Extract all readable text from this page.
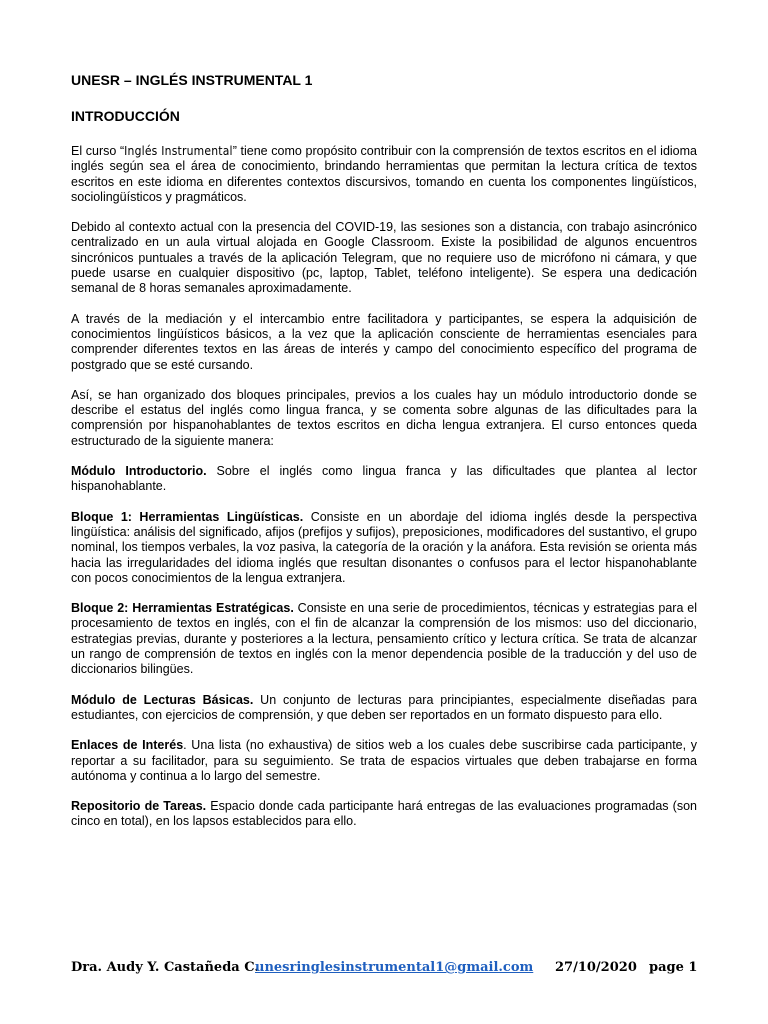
UNESR – INGLÉS INSTRUMENTAL 1
INTRODUCCIÓN

El curso “Inglés Instrumental” tiene como propósito contribuir con la comprensión de textos escritos en el idioma inglés según sea el área de conocimiento, brindando herramientas que permitan la lectura crítica de textos escritos en este idioma en diferentes contextos discursivos, tomando en cuenta los componentes lingüísticos, sociolingüísticos y pragmáticos.

Debido al contexto actual con la presencia del COVID-19, las sesiones son a distancia, con trabajo asincrónico centralizado en un aula virtual alojada en Google Classroom. Existe la posibilidad de algunos encuentros sincrónicos puntuales a través de la aplicación Telegram, que no requiere uso de micrófono ni cámara, y que puede usarse en cualquier dispositivo (pc, laptop, Tablet, teléfono inteligente). Se espera una dedicación semanal de 8 horas semanales aproximadamente.

A través de la mediación y el intercambio entre facilitadora y participantes, se espera la adquisición de conocimientos lingüísticos básicos, a la vez que la aplicación consciente de herramientas esenciales para comprender diferentes textos en las áreas de interés y campo del conocimiento específico del programa de postgrado que se esté cursando.

Así, se han organizado dos bloques principales, previos a los cuales hay un módulo introductorio donde se describe el estatus del inglés como lingua franca, y se comenta sobre algunas de las dificultades para la comprensión por hispanohablantes de textos escritos en dicha lengua extranjera. El curso entonces queda estructurado de la siguiente manera:

Módulo Introductorio. Sobre el inglés como lingua franca y las dificultades que plantea al lector hispanohablante.

Bloque 1: Herramientas Lingüísticas. Consiste en un abordaje del idioma inglés desde la perspectiva lingüística: análisis del significado, afijos (prefijos y sufijos), preposiciones, modificadores del sustantivo, el grupo nominal, los tiempos verbales, la voz pasiva, la categoría de la oración y la anáfora. Esta revisión se orienta más hacia las irregularidades del idioma inglés que resultan disonantes o confusos para el lector hispanohablante con pocos conocimientos de la lengua extranjera.

Bloque 2: Herramientas Estratégicas. Consiste en una serie de procedimientos, técnicas y estrategias para el procesamiento de textos en inglés, con el fin de alcanzar la comprensión de los mismos: uso del diccionario, estrategias previas, durante y posteriores a la lectura, pensamiento crítico y lectura crítica. Se trata de alcanzar un rango de comprensión de textos en inglés con la menor dependencia posible de la traducción y del uso de diccionarios bilingües.

Módulo de Lecturas Básicas. Un conjunto de lecturas para principiantes, especialmente diseñadas para estudiantes, con ejercicios de comprensión, y que deben ser reportados en un formato dispuesto para ello.

Enlaces de Interés. Una lista (no exhaustiva) de sitios web a los cuales debe suscribirse cada participante, y reportar a su facilitador, para su seguimiento. Se trata de espacios virtuales que deben trabajarse en forma autónoma y continua a lo largo del semestre.

Repositorio de Tareas. Espacio donde cada participante hará entregas de las evaluaciones programadas (son cinco en total), en los lapsos establecidos para ello.

Dra. Audy Y. Castañeda C.
unesringlesinstrumental1@gmail.com 27/10/2020 page 1
